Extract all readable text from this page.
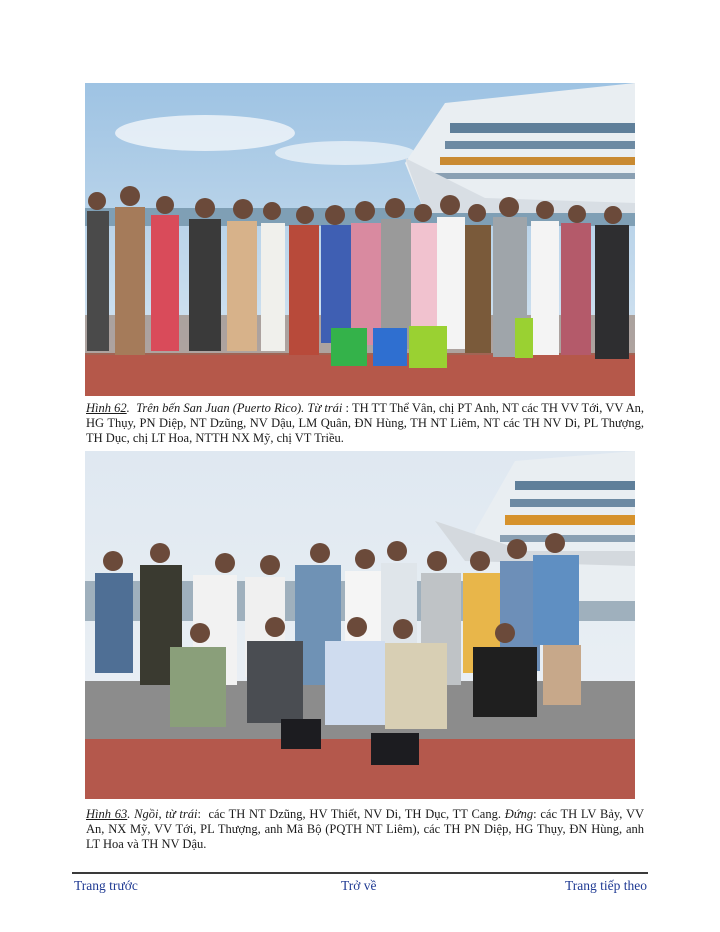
Hình 62.  Trên bến San Juan (Puerto Rico). Từ trái : TH TT Thể Vân, chị PT Anh, NT các TH VV Tới, VV An, HG Thụy, PN Diệp, NT Dzũng, NV Dậu, LM Quân, ĐN Hùng, TH NT Liêm, NT các TH NV Di, PL Thượng, TH Dục, chị LT Hoa, NTTH NX Mỹ, chị VT Triều.
Hình 63. Ngồi, từ trái:  các TH NT Dzũng, HV Thiết, NV Di, TH Dục, TT Cang. Đứng: các TH LV Bảy, VV An, NX Mỹ, VV Tới, PL Thượng, anh Mã Bộ (PQTH NT Liêm), các TH PN Diệp, HG Thụy, ĐN Hùng, anh LT Hoa và TH NV Dậu.
Trang trước	Trở về	Trang tiếp theo
